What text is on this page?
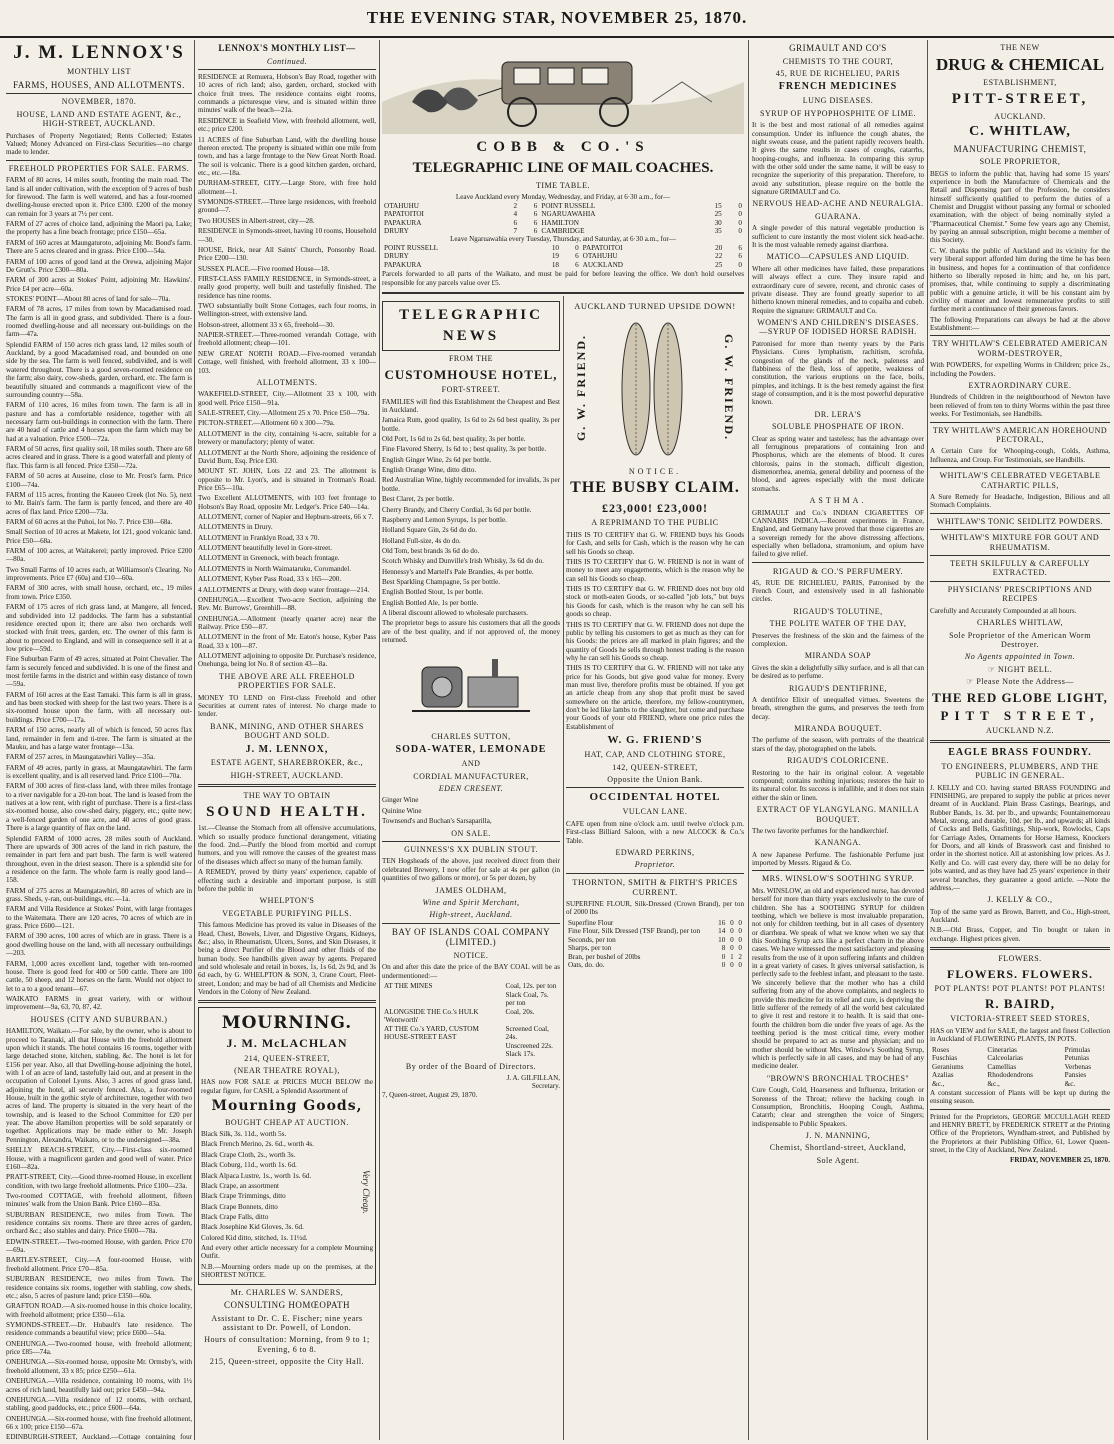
THE EVENING STAR, NOVEMBER 25, 1870.
J. M. LENNOX'S
MONTHLY LIST
FARMS, HOUSES, AND ALLOTMENTS.
NOVEMBER, 1870.
HOUSE, LAND AND ESTATE AGENT, &c., HIGH-STREET, AUCKLAND.

Purchases of Property Negotiated; Rents Collected; Estates Valued; Money Advanced on First-class Securities—no charge made to lender.

FREEHOLD PROPERTIES FOR SALE. FARMS.

FARM of 80 acres, 14 miles south, fronting the main road. The land is all under cultivation, with the exception of 9 acres of bush for firewood. The farm is well watered, and has a four-roomed dwelling-house erected upon it. Price £300. £200 of the money can remain for 3 years at 7½ per cent.

FARM of 27 acres of choice land, adjoining the Maori pa, Lake; the property has a fine beach frontage; price £150—65a.

FARM of 160 acres at Maungaturoto, adjoining Mr. Bond's farm. There are 5 acres cleared and in grass. Price £100—54a.

FARM of 100 acres of good land at the Orewa, adjoining Major De Grutt's. Price £300—80a.

FARM of 300 acres at Stokes' Point, adjoining Mr. Hawkins'. Price £4 per acre—60a.

STOKES' POINT—About 80 acres of land for sale—70a.

FARM of 78 acres, 17 miles from town by Macadamised road. The farm is all in good grass, and subdivided. There is a four-roomed dwelling-house and all necessary out-buildings on the farm—47a.

Splendid FARM of 150 acres rich grass land, 12 miles south of Auckland, by a good Macadamised road, and bounded on one side by the sea. The farm is well fenced, subdivided, and is well watered throughout. There is a good seven-roomed residence on the farm; also dairy, cow-sheds, garden, orchard, etc. The farm is beautifully situated and commands a magnificent view of the surrounding country—58a.

FARM of 110 acres, 16 miles from town. The farm is all in pasture and has a comfortable residence, together with all necessary farm out-buildings in connection with the farm. There are 40 head of cattle and 4 horses upon the farm which may be had at a valuation. Price £500—72a.

FARM of 50 acres, first quality soil, 18 miles south. There are 68 acres cleared and in grass. There is a good waterfall and plenty of flax. This farm is all fenced. Price £350—72a.

FARM of 50 acres at Auseine, close to Mr. Frost's farm. Price £100—74a.

FARM of 115 acres, fronting the Kaueeo Creek (lot No. 5), next to Mr. Bain's farm. The farm is partly fenced, and there are 40 acres of flax land. Price £200—73a.

FARM of 60 acres at the Puhoi, lot No. 7. Price £30—68a.

Small Section of 10 acres at Makete, lot 121, good volcanic land. Price £50—68a.

FARM of 100 acres, at Waitakerei; partly improved. Price £200—80a.

Two Small Farms of 10 acres each, at Williamson's Clearing. No improvements. Price £7 (60a) and £10—60a.

FARM of 300 acres, with small house, orchard, etc., 19 miles from town. Price £350.

FARM of 175 acres of rich grass land, at Mangere, all fenced, and subdivided into 12 paddocks. The farm has a substantial residence erected upon it; there are also two orchards well stocked with fruit trees, garden, etc. The owner of this farm is about to proceed to England, and will in consequence sell it at a low price—59d.

Fine Suburban Farm of 49 acres, situated at Point Chevalier. The farm is securely fenced and subdivided. It is one of the finest and most fertile farms in the district and within easy distance of town—59a.

FARM of 160 acres at the East Tamaki. This farm is all in grass, and has been stocked with sheep for the last two years. There is a six-roomed house upon the farm, with all necessary out-buildings. Price £700—17a.

FARM of 150 acres, nearly all of which is fenced, 50 acres flax land, remainder in fern and ti-tree. The farm is situated at the Mauku, and has a large water frontage—13a.

FARM of 257 acres, in Maungatawhiri Valley—35a.

FARM of 49 acres, partly in grass, at Maungatawhiri. The farm is excellent quality, and is all reserved land. Price £100—70a.

FARM of 300 acres of first-class land, with three miles frontage to a river navigable for a 20-ton boat. The land is leased from the natives at a low rent, with right of purchase. There is a first-class six-roomed house, also cow-shed dairy, piggery, etc.; quite new; a well-fenced garden of one acre, and 40 acres of good grass. There is a large quantity of flax on the land.

Splendid FARM of 1000 acres, 28 miles south of Auckland. There are upwards of 300 acres of the land in rich pasture, the remainder in part fern and part bush. The farm is well watered throughout, even in the driest season. There is a splendid site for a residence on the farm. The whole farm is really good land—158.

FARM of 275 acres at Maungatawhiri, 80 acres of which are in grass. Sheds, y-ran, out-buildings, etc.—1a.

FARM and Villa Residence at Stokes' Point, with large frontages to the Waitemata. There are 120 acres, 70 acres of which are in grass. Price £600—121.

FARM of 390 acres, 100 acres of which are in grass. There is a good dwelling house on the land, with all necessary outbuildings—203.

FARM, 1,000 acres excellent land, together with ten-roomed house. There is good feed for 400 or 500 cattle. There are 100 cattle, 50 sheep, and 12 horses on the farm. Would not object to let to a to a good tenant—67.

WAIKATO FARMS in great variety, with or without improvement—9a, 63, 70, 87, 42.

HOUSES (CITY AND SUBURBAN.)

HAMILTON, Waikato.—For sale, by the owner, who is about to proceed to Taranaki, all that House with the freehold allotment upon which it stands. The hotel contains 16 rooms, together with large detached stone, kitchen, stabling, &c. The hotel is let for £156 per year. Also, all that Dwelling-house adjoining the hotel, with 1 of an acre of land, tastefully laid out, and at present in the occupation of Colonel Lyons. Also, 3 acres of good grass land, adjoining the hotel, all securely fenced. Also, a four-roomed House, built in the gothic style of architecture, together with two acres of land. The property is situated in the very heart of the township, and is leased to the School Committee for £20 per year. The above Hamilton properties will be sold separately or together. Applications may be made either to Mr. Joseph Pennington, Alexandra, Waikato, or to the undersigned—38a.

SHELLY BEACH-STREET, City.—First-class six-roomed House, with a magnificent garden and good well of water. Price £160—82a.

PRATT-STREET, City.—Good three-roomed House, in excellent condition, with two large freehold allotments. Price £100—23a.

Two-roomed COTTAGE, with freehold allotment, fifteen minutes' walk from the Union Bank. Price £160—83a.

SUBURBAN RESIDENCE, two miles from Town. The residence contains six rooms. There are three acres of garden, orchard &c.; also stables and dairy. Price £600—78a.

EDWIN-STREET.—Two-roomed House, with garden. Price £70—69a.

BARTLEY-STREET, City.—A four-roomed House, with freehold allotment. Price £70—85a.

SUBURBAN RESIDENCE, two miles from Town. The residence contains six rooms, together with stabling, cow sheds, etc.; also, 5 acres of pasture land; price £350—60a.

GRAFTON ROAD.—A six-roomed house in this choice locality, with freehold allotment; price £350—61a.

SYMONDS-STREET.—Dr. Hubault's late residence. The residence commands a beautiful view; price £600—54a.

ONEHUNGA.—Two-roomed house, with freehold allotment; price £85—74a.

ONEHUNGA.—Six-roomed house, opposite Mr. Ormsby's, with freehold allotment, 33 x 85; price £250—61a.

ONEHUNGA.—Villa residence, containing 10 rooms, with 1½ acres of rich land, beautifully laid out; price £450—94a.

ONEHUNGA.—Villa residence of 12 rooms, with orchard, stabling, good paddocks, etc.; price £600—64a.

ONEHUNGA.—Six-roomed house, with fine freehold allotment, 66 x 100; price £150—67a.

EDINBURGH-STREET, Auckland.—Cottage containing four

LENNOX'S MONTHLY LIST—
Continued.

RESIDENCE at Remuera, Hobson's Bay Road, together with 10 acres of rich land; also, garden, orchard, stocked with choice fruit trees. The residence contains eight rooms, commands a picturesque view, and is situated within three minutes' walk of the beach—21a.

RESIDENCE in Seafield View, with freehold allotment, well, etc.; price £200.

11 ACRES of fine Suburban Land, with the dwelling house thereon erected. The property is situated within one mile from town, and has a large frontage to the New Great North Road. The soil is volcanic. There is a good kitchen garden, orchard, etc., etc.—18a.

DURHAM-STREET, CITY.—Large Store, with free hold allotment—1.

SYMONDS-STREET.—Three large residences, with freehold ground—7.

Two HOUSES in Albert-street, city—28.

RESIDENCE in Symonds-street, having 10 rooms, Household—30.

HOUSE, Brick, near All Saints' Church, Ponsonby Road. Price £200—130.

SUSSEX PLACE.—Five roomed House—18.

FIRST-CLASS FAMILY RESIDENCE, in Symonds-street, a really good property, well built and tastefully finished. The residence has nine rooms.

TWO substantially built Stone Cottages, each four rooms, in Wellington-street, with extensive land.

Hobson-street, allotment 33 x 65, freehold—30.

NAPIER-STREET.—Three-roomed verandah Cottage, with freehold allotment; cheap—101.

NEW GREAT NORTH ROAD.—Five-roomed verandah Cottage, well finished, with freehold allotment, 33 x 100—103.

ALLOTMENTS.

WAKEFIELD-STREET, City.—Allotment 33 x 100, with good well. Price £150—91a.

SALE-STREET, City.—Allotment 25 x 70. Price £50—79a.

PICTON-STREET.—Allotment 60 x 300—79a.

ALLOTMENT in the city, containing ¼-acre, suitable for a brewery or manufactory; plenty of water.

ALLOTMENT at the North Shore, adjoining the residence of David Burn, Esq. Price £30.

MOUNT ST. JOHN, Lots 22 and 23. The allotment is opposite to Mr. Lyon's, and is situated in Trotman's Road. Price £65—10a.

Two Excellent ALLOTMENTS, with 103 feet frontage to Hobson's Bay Road, opposite Mr. Ledger's. Price £40—14a.

ALLOTMENT, corner of Napier and Hepburn-streets, 66 x 7.

ALLOTMENTS in Drury.

ALLOTMENT in Franklyn Road, 33 x 70.

ALLOTMENT beautifully level in Gore-street.

ALLOTMENT in Greenock, with beach frontage.

ALLOTMENTS in North Waimataruku, Coromandel.

ALLOTMENT, Kyber Pass Road, 33 x 165—200.

4 ALLOTMENTS at Drury, with deep water frontage—214.

ONEHUNGA.—Excellent Two-acre Section, adjoining the Rev. Mr. Burrows', Greenhill—88.

ONEHUNGA.—Allotment (nearly quarter acre) near the Railway. Price £50—87.

ALLOTMENT in the front of Mr. Eaton's house, Kyber Pass Road, 33 x 100—87.

ALLOTMENT adjoining to opposite Dr. Purchase's residence, Onehunga, being lot No. 8 of section 43—8a.

THE ABOVE ARE ALL FREEHOLD PROPERTIES FOR SALE.

MONEY TO LEND on First-class Freehold and other Securities at current rates of interest. No charge made to lender.

BANK, MINING, AND OTHER SHARES BOUGHT AND SOLD.
J. M. LENNOX,
ESTATE AGENT, SHAREBROKER, &c.,
HIGH-STREET, AUCKLAND.
THE WAY TO OBTAIN
SOUND HEALTH.

1st.—Cleanse the Stomach from all offensive accumulations, which so usually produce functional derangement, vitiating the food. 2nd.—Purify the blood from morbid and corrupt humors, and you will remove the causes of the greatest mass of the diseases which affect so many of the human family.

A REMEDY, proved by thirty years' experience, capable of effecting such a desirable and important purpose, is still before the public in

WHELPTON'S
VEGETABLE PURIFYING PILLS.

This famous Medicine has proved its value in Diseases of the Head, Chest, Bowels, Liver, and Digestive Organs, Kidneys, &c.; also, in Rheumatism, Ulcers, Sores, and Skin Diseases, it being a direct Purifier of the Blood and other fluids of the human body. See handbills given away by agents. Prepared and sold wholesale and retail in boxes, 1s, 1s 6d, 2s 9d, and 3s 6d each, by G. WHELPTON & SON, 3, Crane Court, Fleet-street, London; and may be had of all Chemists and Medicine Vendors in the Colony of New Zealand.

MOURNING.
J. M. McLACHLAN
214, QUEEN-STREET,
(NEAR THEATRE ROYAL),

HAS now FOR SALE at PRICES MUCH BELOW the regular figure, for CASH, a Splendid Assortment of

Mourning Goods,
BOUGHT CHEAP AT AUCTION.

Black Silk, 3s. 11d., worth 5s.

Black French Merino, 2s. 6d., worth 4s.

Black Crape Cloth, 2s., worth 3s.

Black Coburg, 11d., worth 1s. 6d.

Black Alpaca Lustre, 1s., worth 1s. 6d.

Black Crape, an assortment

Black Crape Trimmings, ditto

Black Crape Bonnets, ditto

Black Crape Falls, ditto

Black Josephine Kid Gloves, 3s. 6d.

Colored Kid ditto, stitched, 1s. 11½d.

Very Cheap.

And every other article necessary for a complete Mourning Outfit.

N.B.—Mourning orders made up on the premises, at the SHORTEST NOTICE.

Mr. CHARLES W. SANDERS,
CONSULTING HOMŒOPATH
Assistant to Dr. C. E. Fischer; nine years assistant to Dr. Powell, of London.
Hours of consultation: Morning, from 9 to 1; Evening, 6 to 8.
215, Queen-street, opposite the City Hall.
COBB & CO.'S
TELEGRAPHIC LINE OF MAIL COACHES.
TIME TABLE.
Leave Auckland every Monday, Wednesday, and Friday, at 6·30 a.m., for—
OTAHUHU	2	6	POINT RUSSELL	15	0
PAPATOITOI	4	6	NGARUAWAHIA	25	0
PAPAKURA	6	6	HAMILTON	30	0
DRURY	7	6	CAMBRIDGE	35	0
Leave Ngaruawahia every Tuesday, Thursday, and Saturday, at 6·30 a.m., for—
POINT RUSSELL	10	0	PAPATOITOI	20	6
DRURY	19	6	OTAHUHU	22	6
PAPAKURA	18	6	AUCKLAND	25	0

Parcels forwarded to all parts of the Waikato, and must be paid for before leaving the office. We don't hold ourselves responsible for any parcels value over £5.

TELEGRAPHIC
NEWS
FROM THE
CUSTOMHOUSE HOTEL,
FORT-STREET.

FAMILIES will find this Establishment the Cheapest and Best in Auckland.

Jamaica Rum, good quality, 1s 6d to 2s 6d best quality, 3s per bottle.

Old Port, 1s 6d to 2s 6d, best quality, 3s per bottle.

Fine Flavored Sherry, 1s 6d to ; best quality, 3s per bottle.

English Ginger Wine, 2s 6d per bottle.

English Orange Wine, ditto ditto.

Red Australian Wine, highly recommended for invalids, 3s per bottle.

Best Claret, 2s per bottle.

Cherry Brandy, and Cherry Cordial, 3s 6d per bottle.

Raspberry and Lemon Syrups, 1s per bottle.

Holland Square Gin, 2s 6d do do.

Holland Full-size, 4s do do.

Old Tom, best brands 3s 6d do do.

Scotch Whisky and Dunville's Irish Whisky, 3s 6d do do.

Hennessy's and Martell's Pale Brandies, 4s per bottle.

Best Sparkling Champagne, 5s per bottle.

English Bottled Stout, 1s per bottle.

English Bottled Ale, 1s per bottle.

A liberal discount allowed to wholesale purchasers.

The proprietor begs to assure his customers that all the goods are of the best quality, and if not approved of, the money returned.

CHARLES SUTTON,
SODA-WATER, LEMONADE
AND
CORDIAL MANUFACTURER,
EDEN CRESENT.

Ginger Wine

Quinine Wine

Townsend's and Buchan's Sarsaparilla,

ON SALE.
GUINNESS'S XX DUBLIN STOUT.

TEN Hogsheads of the above, just received direct from their celebrated Brewery, I now offer for sale at 4s per gallon (in quantities of two gallons or more), or 5s per dozen, by

JAMES OLDHAM,
Wine and Spirit Merchant,
High-street, Auckland.
BAY OF ISLANDS COAL COMPANY (LIMITED.)
NOTICE.

On and after this date the price of the BAY COAL will be as undermentioned:—

AT THE MINES	Coal, 12s. per ton
	Slack Coal, 7s. per ton
ALONGSIDE THE Co.'s HULK 'Wentworth'	Coal, 20s.
AT THE Co.'s YARD, CUSTOM HOUSE-STREET EAST	Screened Coal, 24s.
	Unscreened 22s.
	Slack 17s.
By order of the Board of Directors.
J. A. GILFILLAN,
Secretary.
7, Queen-street, August 29, 1870.
AUCKLAND TURNED UPSIDE DOWN!
G. W. FRIEND.	G. W. FRIEND.
NOTICE.
THE BUSBY CLAIM.
£23,000! £23,000!
A REPRIMAND TO THE PUBLIC

THIS IS TO CERTIFY that G. W. FRIEND buys his Goods for Cash, and sells for Cash, which is the reason why he can sell his Goods so cheap.

THIS IS TO CERTIFY that G. W. FRIEND is not in want of money to meet any engagements, which is the reason why he can sell his Goods so cheap.

THIS IS TO CERTIFY that G. W. FRIEND does not buy old stock or moth-eaten Goods, or so-called "job lots," but buys his Goods for cash, which is the reason why he can sell his goods so cheap.

THIS IS TO CERTIFY that G. W. FRIEND does not dupe the public by telling his customers to get as much as they can for his Goods: the prices are all marked in plain figures; and the quantity of Goods he sells through honest trading is the reason why he can sell his Goods so cheap.

THIS IS TO CERTIFY that G. W. FRIEND will not take any price for his Goods, but give good value for money. Every man must live, therefore profits must be obtained. If you get an article cheap from any shop that profit must be saved somewhere on the article, therefore, my fellow-countrymen, don't be led like lambs to the slaughter, but come and purchase your Goods of your old FRIEND, where one price rules the Establishment of

W. G. FRIEND'S
HAT, CAP, AND CLOTHING STORE,
142, QUEEN-STREET,
Opposite the Union Bank.
OCCIDENTAL HOTEL
VULCAN LANE.

CAFE open from nine o'clock a.m. until twelve o'clock p.m. First-class Billiard Saloon, with a new ALCOCK & Co.'s Table.

EDWARD PERKINS,
Proprietor.
THORNTON, SMITH & FIRTH'S PRICES CURRENT.

SUPERFINE FLOUR, Silk-Dressed (Crown Brand), per ton of 2000 lbs

Superfine Flour	16	0	0
Fine Flour, Silk Dressed (TSF Brand), per ton	14	0	0
Seconds, per ton	10	0	0
Sharps, per ton	8	0	0
Bran, per bushel of 20lbs	0	1	2
Oats, do. do.	0	0	0
GRIMAULT AND CO'S
CHEMISTS TO THE COURT,
45, RUE DE RICHELIEU, PARIS
FRENCH MEDICINES
LUNG DISEASES.
SYRUP OF HYPOPHOSPHITE OF LIME.

It is the best and most rational of all remedies against consumption. Under its influence the cough abates, the night sweats cease, and the patient rapidly recovers health. It gives the same results in cases of coughs, catarrhs, hooping-coughs, and influenza. In comparing this syrup with the other sold under the same name, it will be easy to recognize the superiority of this preparation. Therefore, to avoid any substitution, please require on the bottle the signature GRIMAULT and Co.

NERVOUS HEAD-ACHE AND NEURALGIA.
GUARANA.

A single powder of this natural vegetable production is sufficient to cure instantly the most violent sick head-ache. It is the most valuable remedy against diarrhœa.

MATICO—CAPSULES AND LIQUID.

Where all other medicines have failed, these preparations will always effect a cure. They insure rapid and extraordinary cure of severe, recent, and chronic cases of private disease. They are found greatly superior to all hitherto known mineral remedies, and to copaiba and cubeb. Require the signature: GRIMAULT and Co.

WOMEN'S AND CHILDREN'S DISEASES. —SYRUP OF IODISED HORSE RADISH.

Patronised for more than twenty years by the Paris Physicians. Cures lymphatism, rachitism, scrofula, congestion of the glands of the neck, paleness and flabbiness of the flesh, loss of appetite, weakness of constitution, the various eruptions on the face, boils, pimples, and itchings. It is the best remedy against the first stage of consumption, and it is the most powerful depurative known.

DR. LERA'S
SOLUBLE PHOSPHATE OF IRON.

Clear as spring water and tasteless; has the advantage over all ferruginous preparations of containing Iron and Phosphorus, which are the elements of blood. It cures chlorosis, pains in the stomach, difficult digestion, dismenorrhea, anemia, general debility and poorness of the blood, and agrees especially with the most delicate stomachs.

ASTHMA.

GRIMAULT and Co.'s INDIAN CIGARETTES OF CANNABIS INDICA.—Recent experiments in France, England, and Germany have proved that those cigarettes are a sovereign remedy for the above distressing affections, especially when belladona, stramonium, and opium have failed to give relief.

RIGAUD & CO.'S PERFUMERY.

45, RUE DE RICHELIEU, PARIS, Patronised by the French Court, and extensively used in all fashionable circles.

RIGAUD'S TOLUTINE,
THE POLITE WATER OF THE DAY,

Preserves the freshness of the skin and the fairness of the complexion.

MIRANDA SOAP

Gives the skin a delightfully silky surface, and is all that can be desired as to perfume.

RIGAUD'S DENTIFRINE,

A dentifrice Elixir of unequalled virtues. Sweetens the breath, strengthen the gums, and preserves the teeth from decay.

MIRANDA BOUQUET.

The perfume of the season, with portraits of the theatrical stars of the day, photographed on the labels.

RIGAUD'S COLORICENE.

Restoring to the hair its original colour. A vegetable compound; contains nothing injurious; restores the hair to its natural color. Its success is infallible, and it does not stain either the skin or linen.

EXTRACT OF YLANGYLANG. MANILLA BOUQUET.

The two favorite perfumes for the handkerchief.

KANANGA.

A new Japanese Perfume. The fashionable Perfume just imported by Messrs. Rigaud & Co.

MRS. WINSLOW'S SOOTHING SYRUP.

Mrs. WINSLOW, an old and experienced nurse, has devoted herself for more than thirty years exclusively to the cure of children. She has a SOOTHING SYRUP for children teething, which we believe is most invaluable preparation, not only for children teething, but in all cases of dysentery or diarrhœa. We speak of what we know when we say that this Soothing Syrup acts like a perfect charm in the above cases. We have witnessed the most satisfactory and pleasing results from the use of it upon suffering infants and children in a great variety of cases. It gives universal satisfaction, is perfectly safe to the feeblest infant, and pleasant to the taste. We sincerely believe that the mother who has a child suffering from any of the above complaints, and neglects to provide this medicine for its relief and cure, is depriving the little sufferer of the remedy of all the world best calculated to give it rest and restore it to health. It is said that one-fourth the children born die under five years of age. As the teething period is the most critical time, every mother should be prepared to act as nurse and physician; and no mother should be without Mrs. Winslow's Soothing Syrup, which is perfectly safe in all cases, and may be had of any medicine dealer.

"BROWN'S BRONCHIAL TROCHES"

Cure Cough, Cold, Hoarseness and Influenza, Irritation or Soreness of the Throat; relieve the hacking cough in Consumption, Bronchitis, Hooping Cough, Asthma, Catarrh; clear and strengthen the voice of Singers; indispensable to Public Speakers.

J. N. MANNING,
Chemist, Shortland-street, Auckland,
Sole Agent.
THE NEW
DRUG & CHEMICAL
ESTABLISHMENT,
PITT-STREET,
AUCKLAND.
C. WHITLAW,
MANUFACTURING CHEMIST,
SOLE PROPRIETOR,

BEGS to inform the public that, having had some 15 years' experience in both the Manufacture of Chemicals and the Retail and Dispensing part of the Profession, he considers himself sufficiently qualified to perform the duties of a Chemist and Druggist without passing any formal or schooled examination, with the object of being nominally styled a "Pharmaceutical Chemist." Some few years ago any Chemist, by paying an annual subscription, might become a member of this Society.

C. W. thanks the public of Auckland and its vicinity for the very liberal support afforded him during the time he has been in business, and hopes for a continuation of that confidence hitherto so liberally reposed in him; and he, on his part, promises, that, while continuing to supply a discriminating public with a genuine article, it will be his constant aim by civility of manner and lowest remunerative profits to still further merit a continuance of their generous favors.

The following Preparations can always be had at the above Establishment:—

TRY WHITLAW'S CELEBRATED AMERICAN WORM-DESTROYER,

With POWDERS, for expelling Worms in Children; price 2s., including the Powders.

EXTRAORDINARY CURE.

Hundreds of Children in the neighbourhood of Newton have been relieved of from ten to thirty Worms within the past three weeks. For Testimonials, see Handbills.

TRY WHITLAW'S AMERICAN HOREHOUND PECTORAL,

A Certain Cure for Whooping-cough, Colds, Asthma, Influenza, and Croup. For Testimonials, see Handbills.

WHITLAW'S CELEBRATED VEGETABLE CATHARTIC PILLS,

A Sure Remedy for Headache, Indigestion, Bilious and all Stomach Complaints.

WHITLAW'S TONIC SEIDLITZ POWDERS.
WHITLAW'S MIXTURE FOR GOUT AND RHEUMATISM.
TEETH SKILFULLY & CAREFULLY EXTRACTED.
PHYSICIANS' PRESCRIPTIONS AND RECIPES

Carefully and Accurately Compounded at all hours.

CHARLES WHITLAW,
Sole Proprietor of the American Worm Destroyer.
No Agents appointed in Town.
☞ NIGHT BELL.
☞ Please Note the Address—
THE RED GLOBE LIGHT,
PITT STREET,
AUCKLAND N.Z.
EAGLE BRASS FOUNDRY.
TO ENGINEERS, PLUMBERS, AND THE PUBLIC IN GENERAL.

J. KELLY and CO. having started BRASS FOUNDING and FINISHING, are prepared to supply the public at prices never dreamt of in Auckland. Plain Brass Castings, Bearings, and Rubber Bands, 1s. 3d. per lb., and upwards; Fountainemoreau Metal, strong, and durable, 10d. per lb., and upwards; all kinds of Cocks and Bells, Gasfittings, Ship-work, Rowlocks, Caps for Carriage Axles, Ornaments for Horse Harness, Knockers for Doors, and all kinds of Brasswork cast and finished to order in the shortest notice. All at astonishing low prices. As J. Kelly and Co. will cast every day, there will be no delay for jobs wanted, and as they have had 25 years' experience in their several branches, they guarantee a good article. —Note the address,—

J. KELLY & CO.,

Top of the same yard as Brown, Barrett, and Co., High-street, Auckland.

N.B.—Old Brass, Copper, and Tin bought or taken in exchange. Highest prices given.

FLOWERS.
FLOWERS. FLOWERS.
POT PLANTS! POT PLANTS! POT PLANTS!
R. BAIRD,
VICTORIA-STREET SEED STORES,

HAS on VIEW and for SALE, the largest and finest Collection in Auckland of FLOWERING PLANTS, IN POTS.

Roses	Cinerarias	Primulas
Fuschias	Calceolarias	Petunias
Geraniums	Camellias	Verbenas
Azalias	Rhododendrons	Pansies
&c.,	&c.,	&c.

A constant succession of Plants will be kept up during the ensuing season.

Printed for the Proprietors, GEORGE MCCULLAGH REED and HENRY BRETT, by FREDERICK STRETT at the Printing Office of the Proprietors, Wyndham-street, and Published by the Proprietors at their Publishing Office, 61, Lower Queen-street, in the City of Auckland, New Zealand.

FRIDAY, NOVEMBER 25, 1870.
